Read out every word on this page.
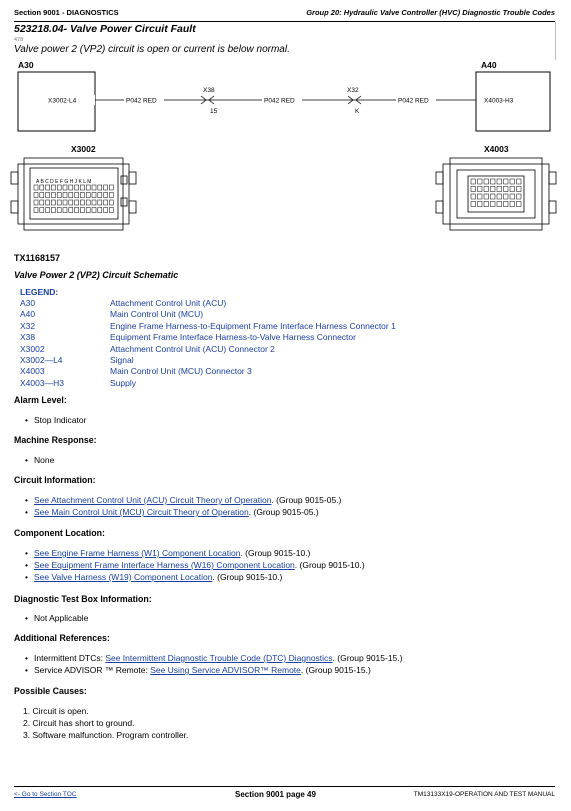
Section 9001 - DIAGNOSTICS	Group 20: Hydraulic Valve Controller (HVC) Diagnostic Trouble Codes
523218.04- Valve Power Circuit Fault
478
Valve power 2 (VP2) circuit is open or current is below normal.
A30	A40
X3002-L4	P042 RED	P042 RED	P042 RED	X4003-H3
X38
15
X32
K
X3002
A B C D E F G H J K L M
X4003
TX1168157
Valve Power 2 (VP2) Circuit Schematic
LEGEND:
A30	Attachment Control Unit (ACU)
A40	Main Control Unit (MCU)
X32	Engine Frame Harness-to-Equipment Frame Interface Harness Connector 1
X38	Equipment Frame Interface Harness-to-Valve Harness Connector
X3002	Attachment Control Unit (ACU) Connector 2
X3002—L4	Signal
X4003	Main Control Unit (MCU) Connector 3
X4003—H3	Supply
Alarm Level:
• Stop Indicator
Machine Response:
• None
Circuit Information:
• See Attachment Control Unit (ACU) Circuit Theory of Operation. (Group 9015-05.)
• See Main Control Unit (MCU) Circuit Theory of Operation. (Group 9015-05.)
Component Location:
• See Engine Frame Harness (W1) Component Location. (Group 9015-10.)
• See Equipment Frame Interface Harness (W16) Component Location. (Group 9015-10.)
• See Valve Harness (W19) Component Location. (Group 9015-10.)
Diagnostic Test Box Information:
• Not Applicable
Additional References:
• Intermittent DTCs: See Intermittent Diagnostic Trouble Code (DTC) Diagnostics. (Group 9015-15.)
• Service ADVISOR ™ Remote: See Using Service ADVISOR™ Remote. (Group 9015-15.)
Possible Causes:
1. Circuit is open.
2. Circuit has short to ground.
3. Software malfunction. Program controller.
<- Go to Section TOC	Section 9001 page 49	TM13133X19-OPERATION AND TEST MANUAL
